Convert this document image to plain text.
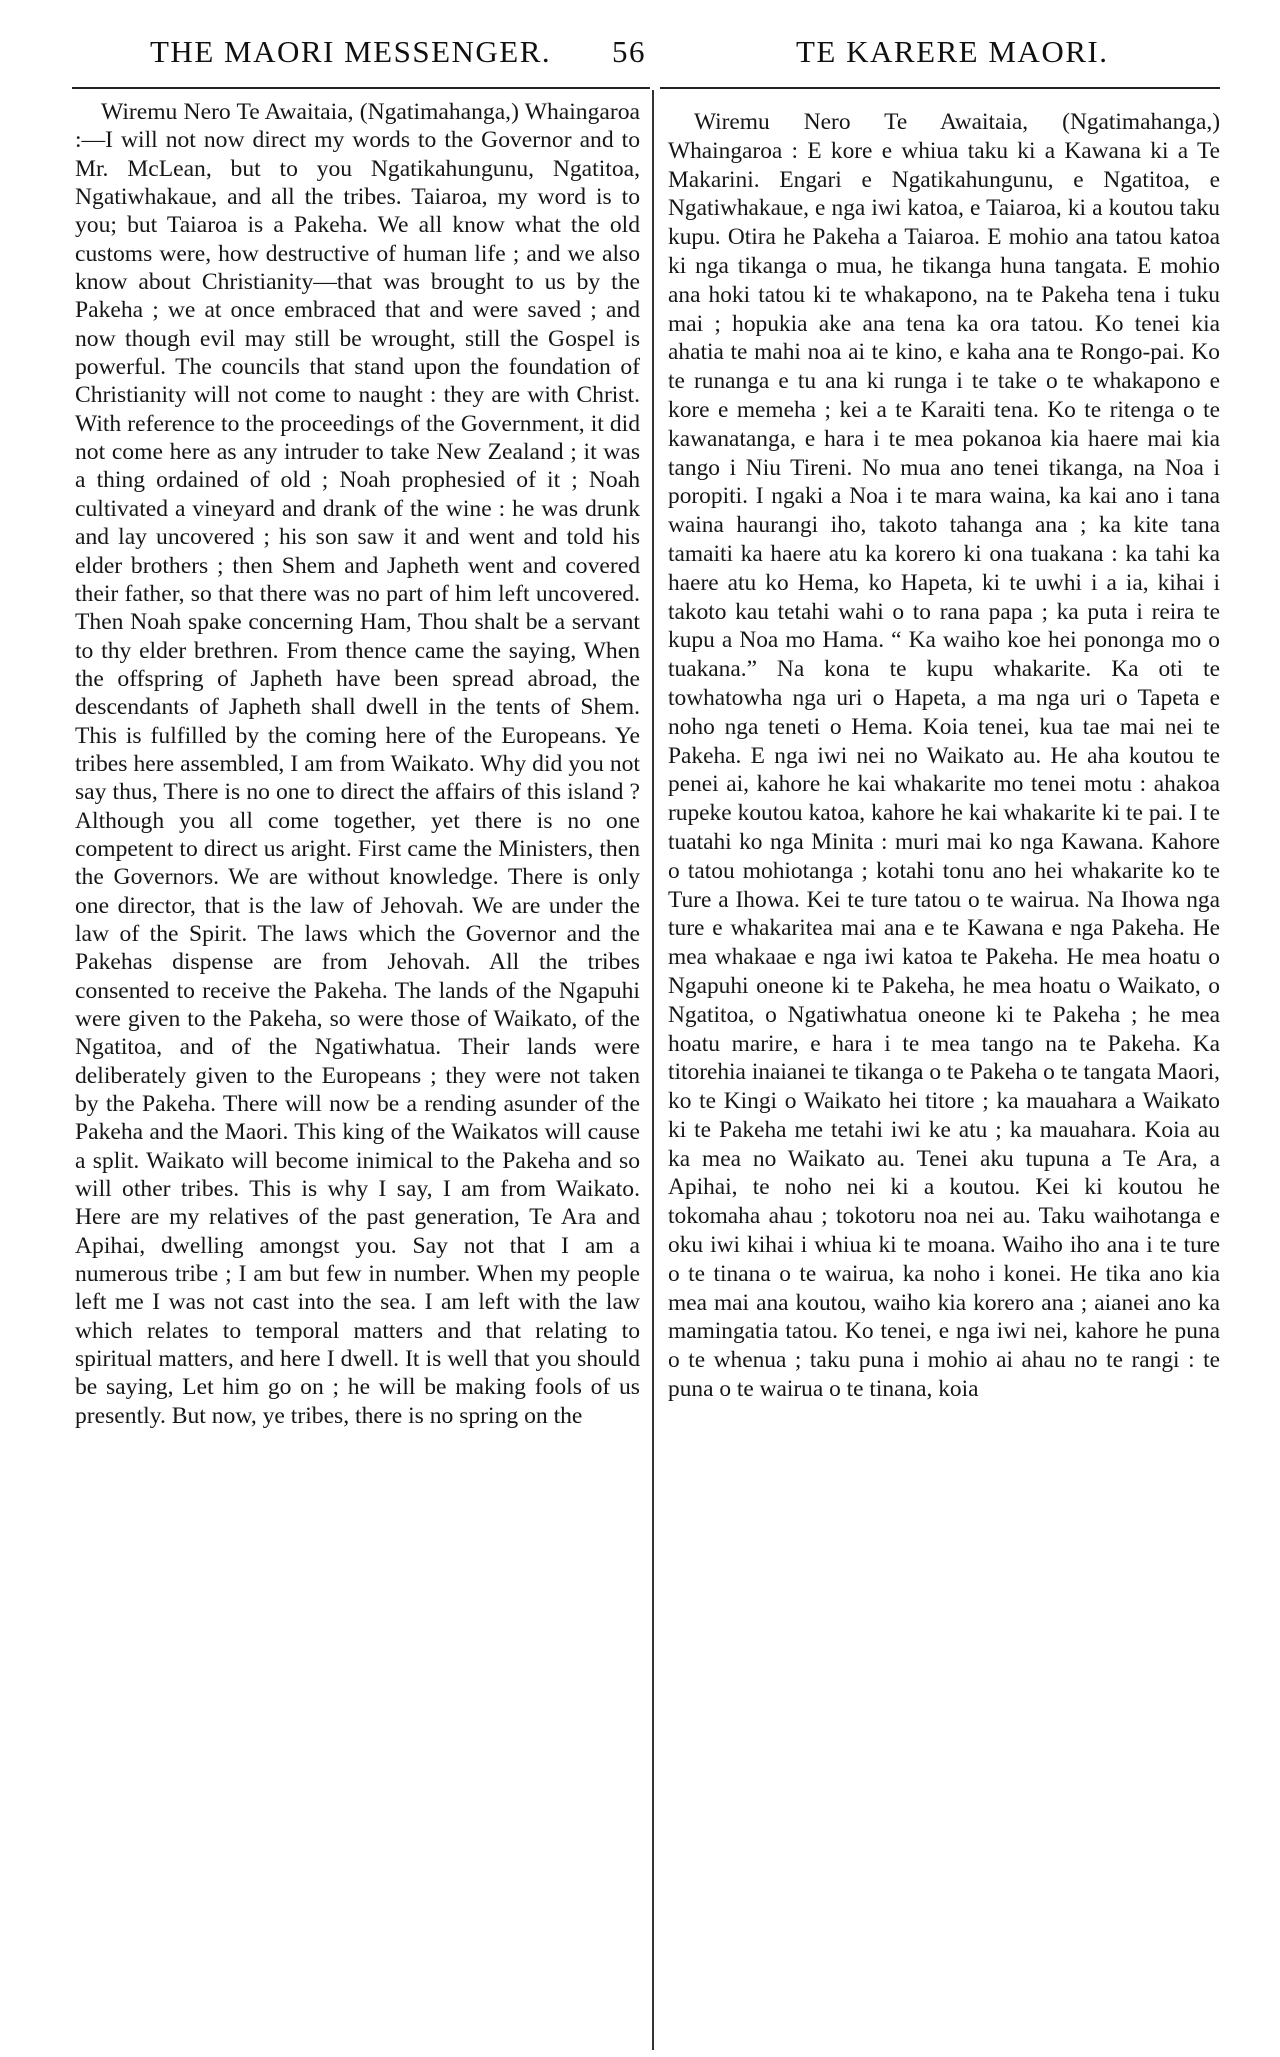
THE MAORI MESSENGER. 56	TE KARERE MAORI.

Wiremu Nero Te Awaitaia, (Ngatimahanga,) Whaingaroa :—I will not now direct my words to the Governor and to Mr. McLean, but to you Ngatikahungunu, Ngatitoa, Ngatiwhakaue, and all the tribes. Taiaroa, my word is to you; but Taiaroa is a Pakeha. We all know what the old customs were, how destructive of human life ; and we also know about Christianity—that was brought to us by the Pakeha ; we at once embraced that and were saved ; and now though evil may still be wrought, still the Gospel is powerful. The councils that stand upon the foundation of Christianity will not come to naught : they are with Christ. With reference to the proceedings of the Government, it did not come here as any intruder to take New Zealand ; it was a thing ordained of old ; Noah prophesied of it ; Noah cultivated a vineyard and drank of the wine : he was drunk and lay uncovered ; his son saw it and went and told his elder brothers ; then Shem and Japheth went and covered their father, so that there was no part of him left uncovered. Then Noah spake concerning Ham, Thou shalt be a servant to thy elder brethren. From thence came the saying, When the offspring of Japheth have been spread abroad, the descendants of Japheth shall dwell in the tents of Shem. This is fulfilled by the coming here of the Europeans. Ye tribes here assembled, I am from Waikato. Why did you not say thus, There is no one to direct the affairs of this island ? Although you all come together, yet there is no one competent to direct us aright. First came the Ministers, then the Governors. We are without knowledge. There is only one director, that is the law of Jehovah. We are under the law of the Spirit. The laws which the Governor and the Pakehas dispense are from Jehovah. All the tribes consented to receive the Pakeha. The lands of the Ngapuhi were given to the Pakeha, so were those of Waikato, of the Ngatitoa, and of the Ngatiwhatua. Their lands were deliberately given to the Europeans ; they were not taken by the Pakeha. There will now be a rending asunder of the Pakeha and the Maori. This king of the Waikatos will cause a split. Waikato will become inimical to the Pakeha and so will other tribes. This is why I say, I am from Waikato. Here are my relatives of the past generation, Te Ara and Apihai, dwelling amongst you. Say not that I am a numerous tribe ; I am but few in number. When my people left me I was not cast into the sea. I am left with the law which relates to temporal matters and that relating to spiritual matters, and here I dwell. It is well that you should be saying, Let him go on ; he will be making fools of us presently. But now, ye tribes, there is no spring on the

Wiremu Nero Te Awaitaia, (Ngatimahanga,) Whaingaroa : E kore e whiua taku ki a Kawana ki a Te Makarini. Engari e Ngatikahungunu, e Ngatitoa, e Ngatiwhakaue, e nga iwi katoa, e Taiaroa, ki a koutou taku kupu. Otira he Pakeha a Taiaroa. E mohio ana tatou katoa ki nga tikanga o mua, he tikanga huna tangata. E mohio ana hoki tatou ki te whakapono, na te Pakeha tena i tuku mai ; hopukia ake ana tena ka ora tatou. Ko tenei kia ahatia te mahi noa ai te kino, e kaha ana te Rongo-pai. Ko te runanga e tu ana ki runga i te take o te whakapono e kore e memeha ; kei a te Karaiti tena. Ko te ritenga o te kawanatanga, e hara i te mea pokanoa kia haere mai kia tango i Niu Tireni. No mua ano tenei tikanga, na Noa i poropiti. I ngaki a Noa i te mara waina, ka kai ano i tana waina haurangi iho, takoto tahanga ana ; ka kite tana tamaiti ka haere atu ka korero ki ona tuakana : ka tahi ka haere atu ko Hema, ko Hapeta, ki te uwhi i a ia, kihai i takoto kau tetahi wahi o to rana papa ; ka puta i reira te kupu a Noa mo Hama. “ Ka waiho koe hei pononga mo o tuakana.” Na kona te kupu whakarite. Ka oti te towhatowha nga uri o Hapeta, a ma nga uri o Tapeta e noho nga teneti o Hema. Koia tenei, kua tae mai nei te Pakeha. E nga iwi nei no Waikato au. He aha koutou te penei ai, kahore he kai whakarite mo tenei motu : ahakoa rupeke koutou katoa, kahore he kai whakarite ki te pai. I te tuatahi ko nga Minita : muri mai ko nga Kawana. Kahore o tatou mohiotanga ; kotahi tonu ano hei whakarite ko te Ture a Ihowa. Kei te ture tatou o te wairua. Na Ihowa nga ture e whakaritea mai ana e te Kawana e nga Pakeha. He mea whakaae e nga iwi katoa te Pakeha. He mea hoatu o Ngapuhi oneone ki te Pakeha, he mea hoatu o Waikato, o Ngatitoa, o Ngatiwhatua oneone ki te Pakeha ; he mea hoatu marire, e hara i te mea tango na te Pakeha. Ka titorehia inaianei te tikanga o te Pakeha o te tangata Maori, ko te Kingi o Waikato hei titore ; ka mauahara a Waikato ki te Pakeha me tetahi iwi ke atu ; ka mauahara. Koia au ka mea no Waikato au. Tenei aku tupuna a Te Ara, a Apihai, te noho nei ki a koutou. Kei ki koutou he tokomaha ahau ; tokotoru noa nei au. Taku waihotanga e oku iwi kihai i whiua ki te moana. Waiho iho ana i te ture o te tinana o te wairua, ka noho i konei. He tika ano kia mea mai ana koutou, waiho kia korero ana ; aianei ano ka mamingatia tatou. Ko tenei, e nga iwi nei, kahore he puna o te whenua ; taku puna i mohio ai ahau no te rangi : te puna o te wairua o te tinana, koia
